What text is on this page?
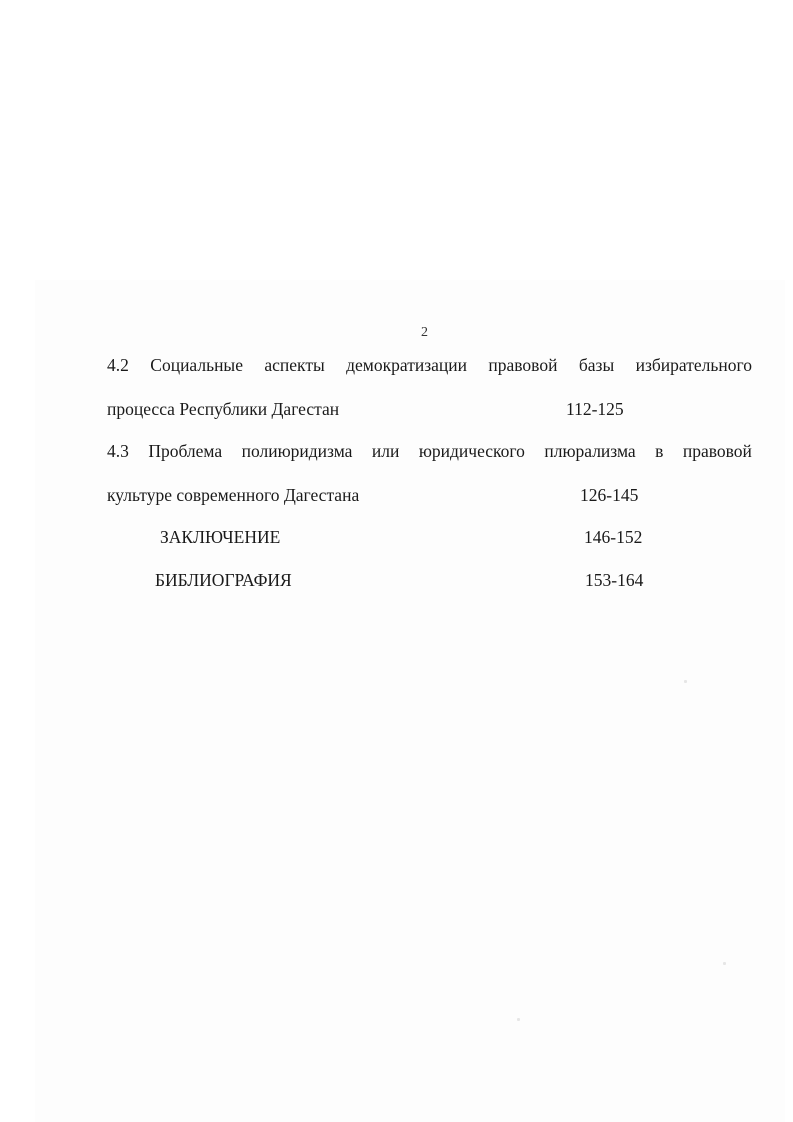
2
4.2 Социальные аспекты демократизации правовой базы избирательного
процесса Республики Дагестан	112-125
4.3 Проблема полиюридизма или юридического плюрализма в правовой
культуре современного Дагестана	126-145
ЗАКЛЮЧЕНИЕ	146-152
БИБЛИОГРАФИЯ	153-164
